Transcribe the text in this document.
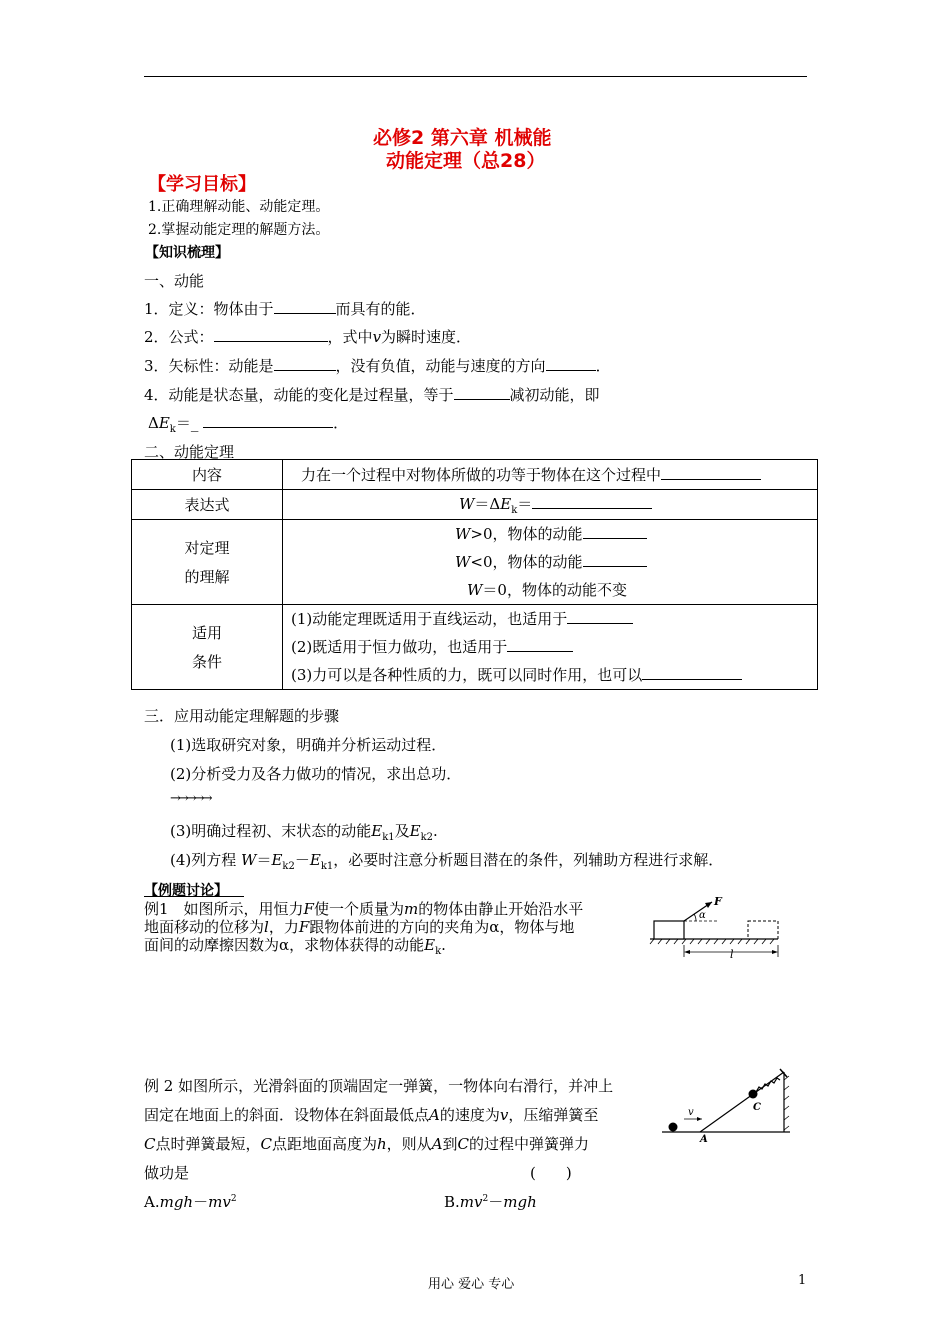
必修2 第六章 机械能
动能定理（总28）
【学习目标】
1.正确理解动能、动能定理。
2.掌握动能定理的解题方法。
【知识梳理】
一、动能
1．定义：物体由于	而具有的能．
2．公式：	，式中v为瞬时速度．
3．矢标性：动能是	，没有负值，动能与速度的方向	．
4．动能是状态量，动能的变化是过程量，等于	减初动能，即
$\Delta E_k=\_$	．
二、动能定理
内容	力在一个过程中对物体所做的功等于物体在这个过程中
表达式	$W=\Delta E_k=$

对定理
的理解	W>0，物体的动能
W<0，物体的动能
W＝0，物体的动能不变

适用
条件	(1)动能定理既适用于直线运动，也适用于
(2)既适用于恒力做功，也适用于
(3)力可以是各种性质的力，既可以同时作用，也可以
三．应用动能定理解题的步骤
(1)选取研究对象，明确并分析运动过程．
(2)分析受力及各力做功的情况，求出总功．
→→→→→
(3)明确过程初、末状态的动能$E_{k1}$及$E_{k2}$.
(4)列方程 $W=E_{k2}-E_{k1}$，必要时注意分析题目潜在的条件，列辅助方程进行求解．
【例题讨论】
例1　如图所示，用恒力F使一个质量为m的物体由静止开始沿水平
地面移动的位移为l，力F跟物体前进的方向的夹角为α，物体与地
面间的动摩擦因数为α，求物体获得的动能$E_k$.
F
α
l
例 2 如图所示，光滑斜面的顶端固定一弹簧，一物体向右滑行，并冲上
固定在地面上的斜面．设物体在斜面最低点A的速度为v，压缩弹簧至
C点时弹簧最短，C点距地面高度为h，则从A到C的过程中弹簧弹力
做功是	(　　)
v
A
C
$A.mgh-mv^2$	$B.mv^2-mgh$
用心 爱心 专心	1
